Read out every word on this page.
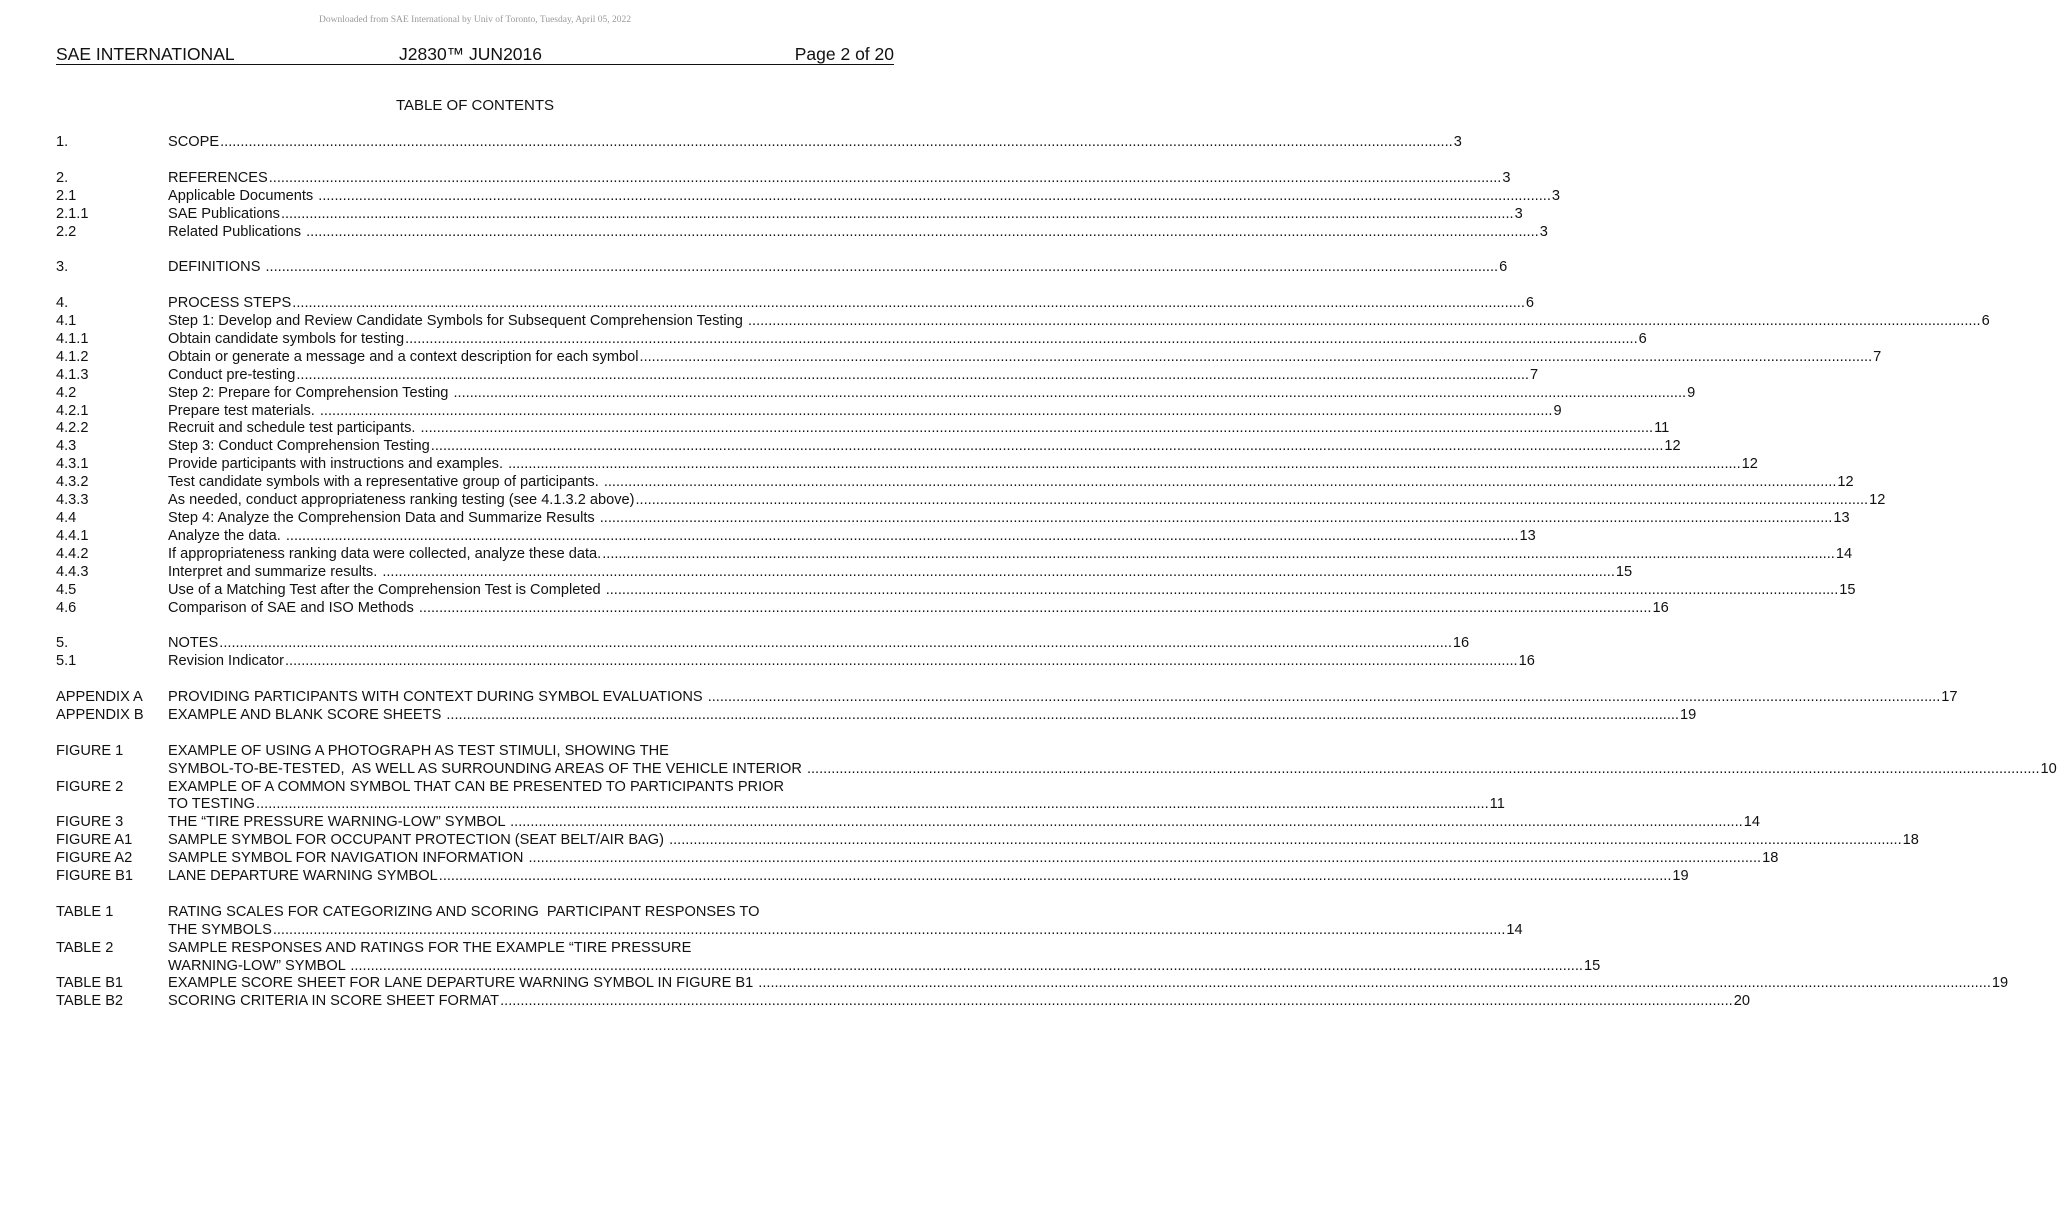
Downloaded from SAE International by Univ of Toronto, Tuesday, April 05, 2022
SAE INTERNATIONAL	J2830™ JUN2016	Page 2 of 20
TABLE OF CONTENTS
1.	SCOPE .....	3
2.	REFERENCES .....	3
2.1	Applicable Documents .....	3
2.1.1	SAE Publications .....	3
2.2	Related Publications .....	3
3.	DEFINITIONS .....	6
4.	PROCESS STEPS .....	6
4.1	Step 1: Develop and Review Candidate Symbols for Subsequent Comprehension Testing .....	6
4.1.1	Obtain candidate symbols for testing .....	6
4.1.2	Obtain or generate a message and a context description for each symbol .....	7
4.1.3	Conduct pre-testing .....	7
4.2	Step 2: Prepare for Comprehension Testing .....	9
4.2.1	Prepare test materials. .....	9
4.2.2	Recruit and schedule test participants. .....	11
4.3	Step 3: Conduct Comprehension Testing .....	12
4.3.1	Provide participants with instructions and examples. .....	12
4.3.2	Test candidate symbols with a representative group of participants. .....	12
4.3.3	As needed, conduct appropriateness ranking testing (see 4.1.3.2 above) .....	12
4.4	Step 4: Analyze the Comprehension Data and Summarize Results .....	13
4.4.1	Analyze the data. .....	13
4.4.2	If appropriateness ranking data were collected, analyze these data. .....	14
4.4.3	Interpret and summarize results. .....	15
4.5	Use of a Matching Test after the Comprehension Test is Completed .....	15
4.6	Comparison of SAE and ISO Methods .....	16
5.	NOTES .....	16
5.1	Revision Indicator .....	16
APPENDIX A	PROVIDING PARTICIPANTS WITH CONTEXT DURING SYMBOL EVALUATIONS .....	17
APPENDIX B	EXAMPLE AND BLANK SCORE SHEETS .....	19
FIGURE 1	EXAMPLE OF USING A PHOTOGRAPH AS TEST STIMULI, SHOWING THE
SYMBOL-TO-BE-TESTED,  AS WELL AS SURROUNDING AREAS OF THE VEHICLE INTERIOR .....	10
FIGURE 2	EXAMPLE OF A COMMON SYMBOL THAT CAN BE PRESENTED TO PARTICIPANTS PRIOR
TO TESTING .....	11
FIGURE 3	THE “TIRE PRESSURE WARNING-LOW” SYMBOL .....	14
FIGURE A1	SAMPLE SYMBOL FOR OCCUPANT PROTECTION (SEAT BELT/AIR BAG) .....	18
FIGURE A2	SAMPLE SYMBOL FOR NAVIGATION INFORMATION .....	18
FIGURE B1	LANE DEPARTURE WARNING SYMBOL .....	19
TABLE 1	RATING SCALES FOR CATEGORIZING AND SCORING  PARTICIPANT RESPONSES TO
THE SYMBOLS .....	14
TABLE 2	SAMPLE RESPONSES AND RATINGS FOR THE EXAMPLE “TIRE PRESSURE
WARNING-LOW” SYMBOL .....	15
TABLE B1	EXAMPLE SCORE SHEET FOR LANE DEPARTURE WARNING SYMBOL IN FIGURE B1 .....	19
TABLE B2	SCORING CRITERIA IN SCORE SHEET FORMAT .....	20
